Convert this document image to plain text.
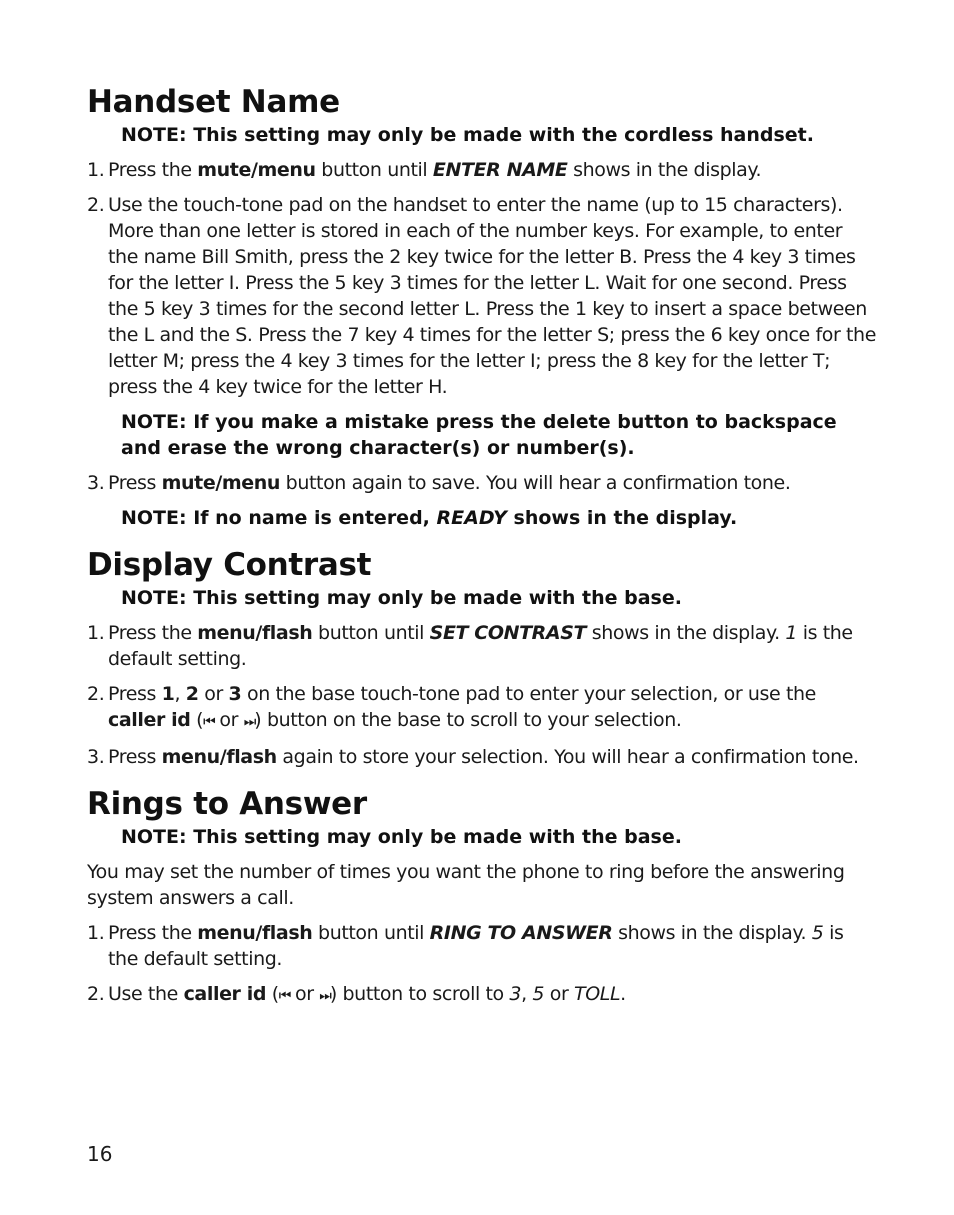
Handset Name

NOTE: This setting may only be made with the cordless handset.

1. Press the mute/menu button until ENTER NAME shows in the display.

2. Use the touch-tone pad on the handset to enter the name (up to 15 characters). More than one letter is stored in each of the number keys. For example, to enter the name Bill Smith, press the 2 key twice for the letter B. Press the 4 key 3 times for the letter I. Press the 5 key 3 times for the letter L. Wait for one second. Press the 5 key 3 times for the second letter L. Press the 1 key to insert a space between the L and the S. Press the 7 key 4 times for the letter S; press the 6 key once for the letter M; press the 4 key 3 times for the letter I; press the 8 key for the letter T; press the 4 key twice for the letter H.

NOTE: If you make a mistake press the delete button to backspace and erase the wrong character(s) or number(s).

3. Press mute/menu button again to save. You will hear a confirmation tone.

NOTE: If no name is entered, READY shows in the display.

Display Contrast

NOTE: This setting may only be made with the base.

1. Press the menu/flash button until SET CONTRAST shows in the display. 1 is the default setting.

2. Press 1, 2 or 3 on the base touch-tone pad to enter your selection, or use the caller id (⏮ or ⏭) button on the base to scroll to your selection.

3. Press menu/flash again to store your selection. You will hear a confirmation tone.

Rings to Answer

NOTE: This setting may only be made with the base.

You may set the number of times you want the phone to ring before the answering system answers a call.

1. Press the menu/flash button until RING TO ANSWER shows in the display. 5 is the default setting.

2. Use the caller id (⏮ or ⏭) button to scroll to 3, 5 or TOLL.

16
